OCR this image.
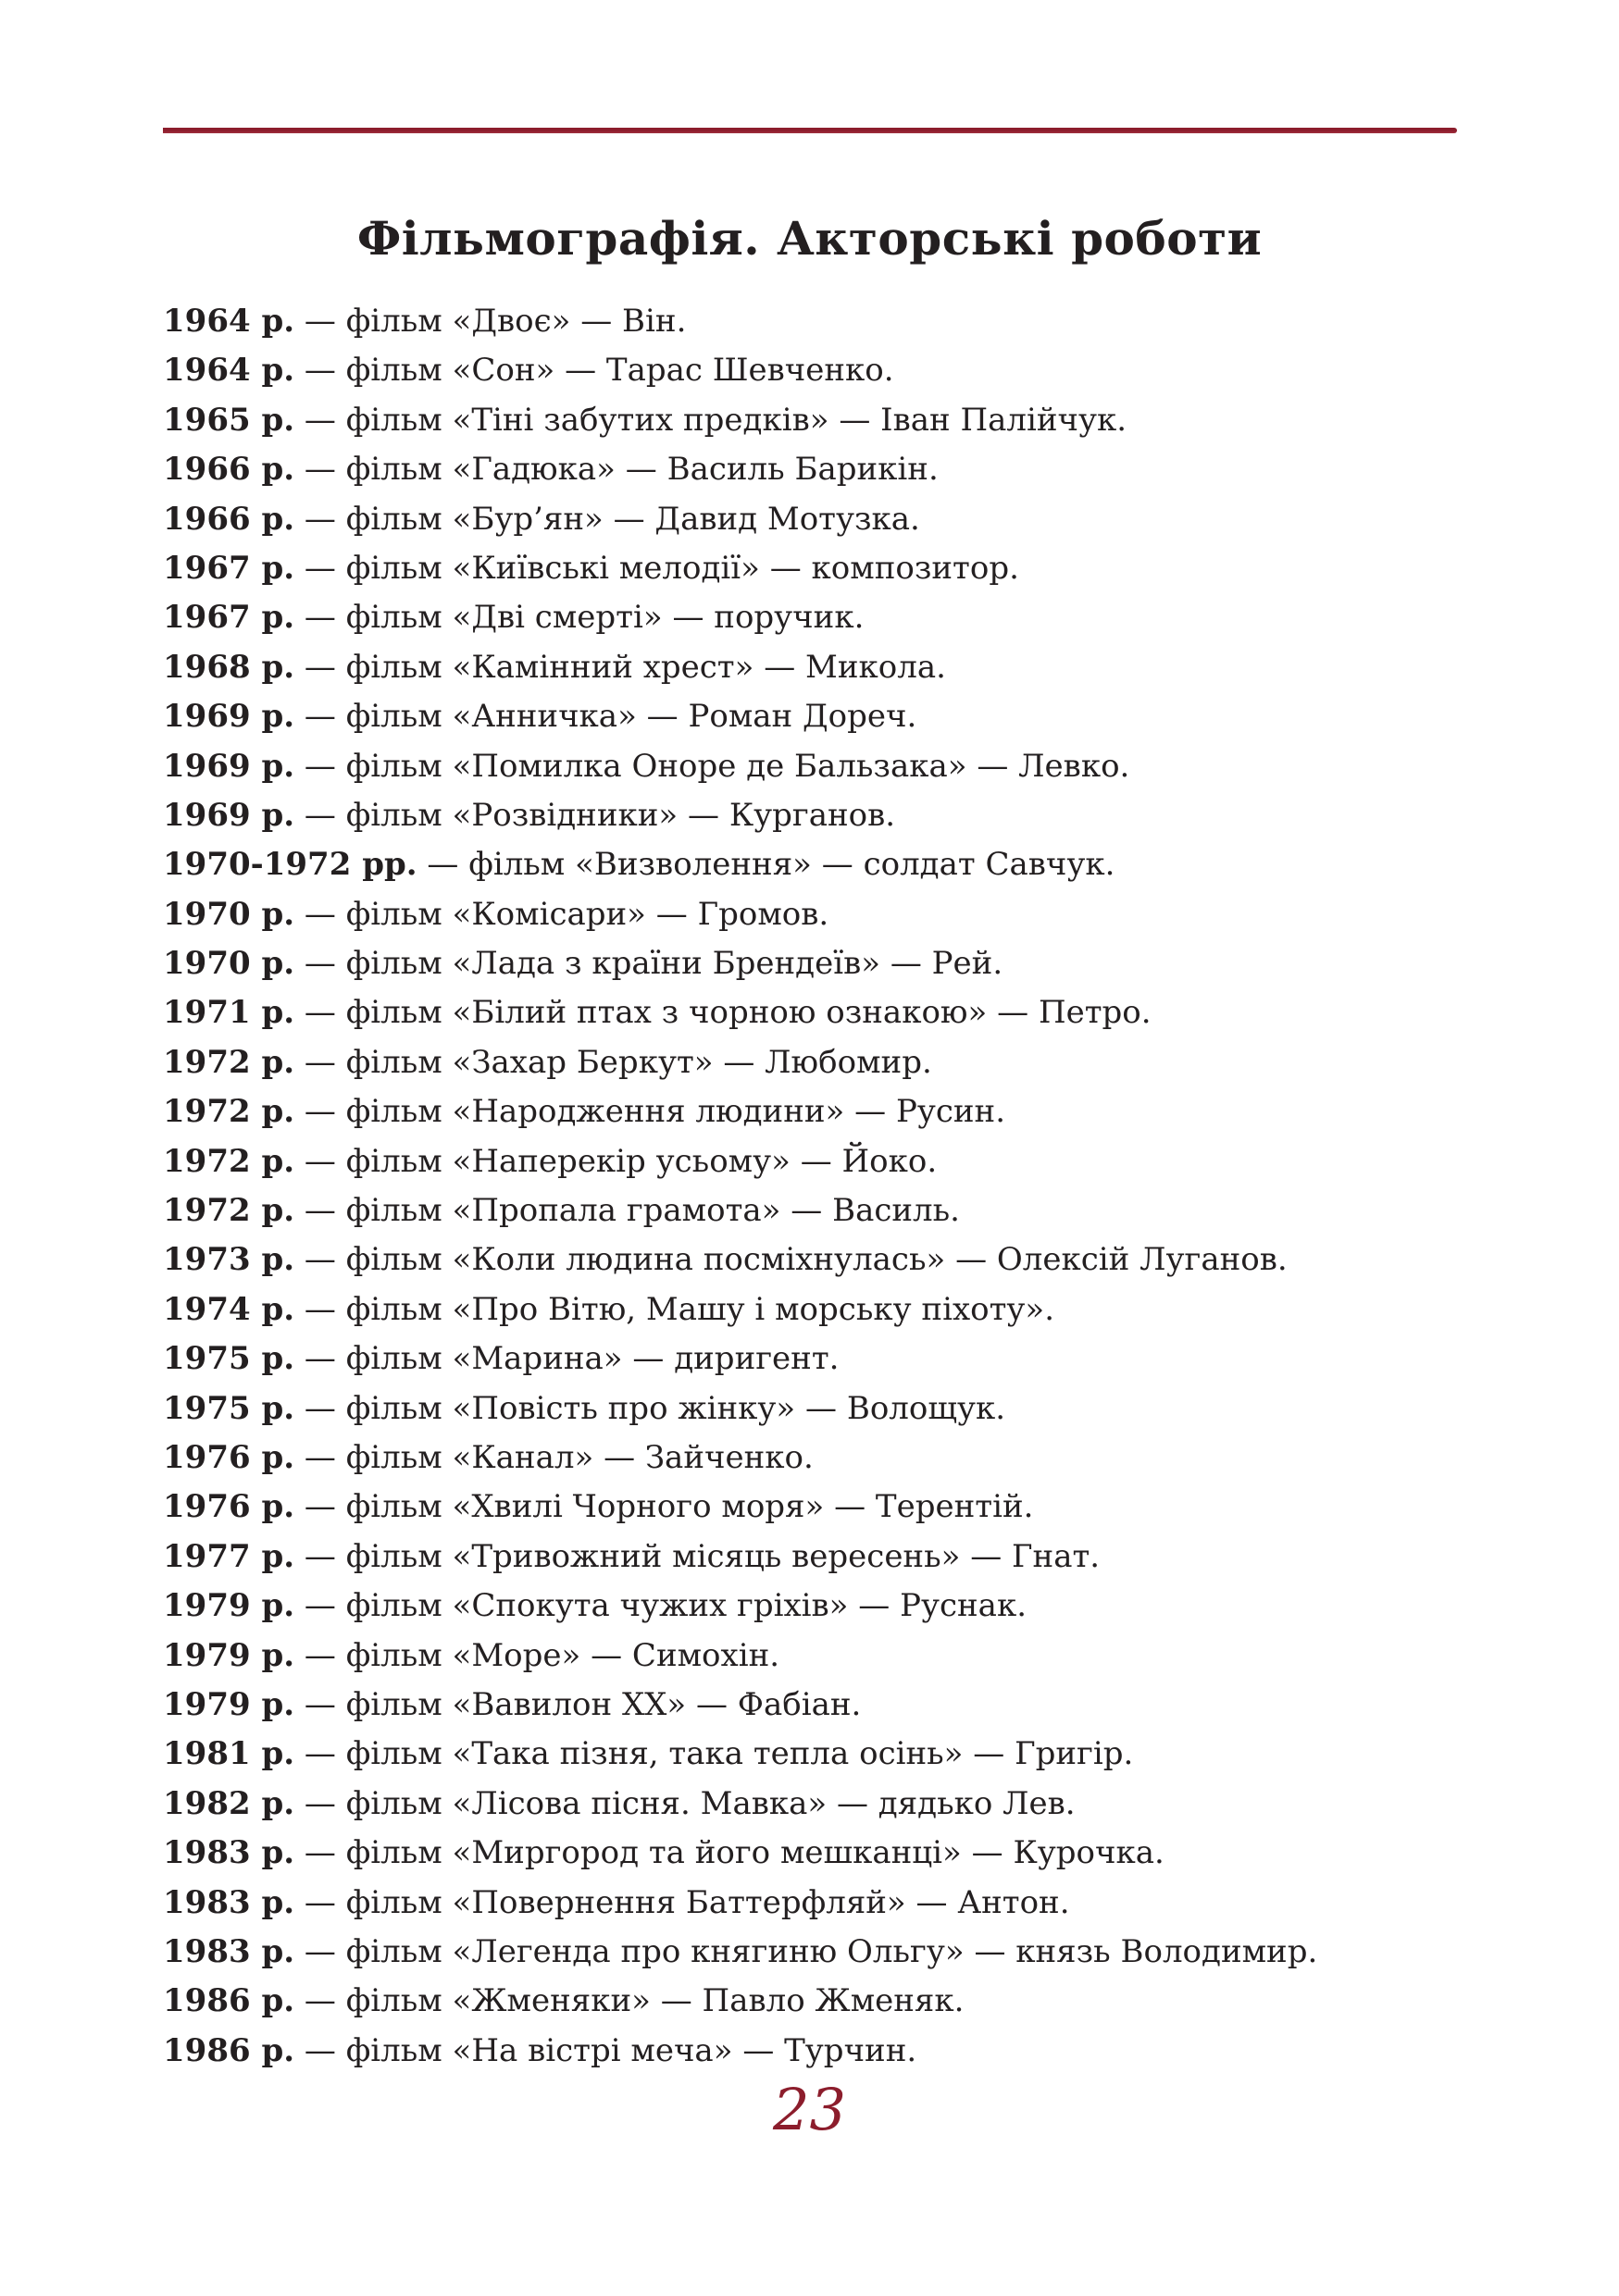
Фільмографія. Акторські роботи
1964 р. — фільм «Двоє» — Він.
1964 р. — фільм «Сон» — Тарас Шевченко.
1965 р. — фільм «Тіні забутих предків» — Іван Палійчук.
1966 р. — фільм «Гадюка» — Василь Барикін.
1966 р. — фільм «Бур’ян» — Давид Мотузка.
1967 р. — фільм «Київські мелодії» — композитор.
1967 р. — фільм «Дві смерті» — поручик.
1968 р. — фільм «Камінний хрест» — Микола.
1969 р. — фільм «Анничка» — Роман Дореч.
1969 р. — фільм «Помилка Оноре де Бальзака» — Левко.
1969 р. — фільм «Розвідники» — Курганов.
1970-1972 рр. — фільм «Визволення» — солдат Савчук.
1970 р. — фільм «Комісари» — Громов.
1970 р. — фільм «Лада з країни Брендеїв» — Рей.
1971 р. — фільм «Білий птах з чорною ознакою» — Петро.
1972 р. — фільм «Захар Беркут» — Любомир.
1972 р. — фільм «Народження людини» — Русин.
1972 р. — фільм «Наперекір усьому» — Йоко.
1972 р. — фільм «Пропала грамота» — Василь.
1973 р. — фільм «Коли людина посміхнулась» — Олексій Луганов.
1974 р. — фільм «Про Вітю, Машу і морську піхоту».
1975 р. — фільм «Марина» — диригент.
1975 р. — фільм «Повість про жінку» — Волощук.
1976 р. — фільм «Канал» — Зайченко.
1976 р. — фільм «Хвилі Чорного моря» — Терентій.
1977 р. — фільм «Тривожний місяць вересень» — Гнат.
1979 р. — фільм «Спокута чужих гріхів» — Руснак.
1979 р. — фільм «Море» — Симохін.
1979 р. — фільм «Вавилон ХХ» — Фабіан.
1981 р. — фільм «Така пізня, така тепла осінь» — Григір.
1982 р. — фільм «Лісова пісня. Мавка» — дядько Лев.
1983 р. — фільм «Миргород та його мешканці» — Курочка.
1983 р. — фільм «Повернення Баттерфляй» — Антон.
1983 р. — фільм «Легенда про княгиню Ольгу» — князь Володимир.
1986 р. — фільм «Жменяки» — Павло Жменяк.
1986 р. — фільм «На вістрі меча» — Турчин.
23
